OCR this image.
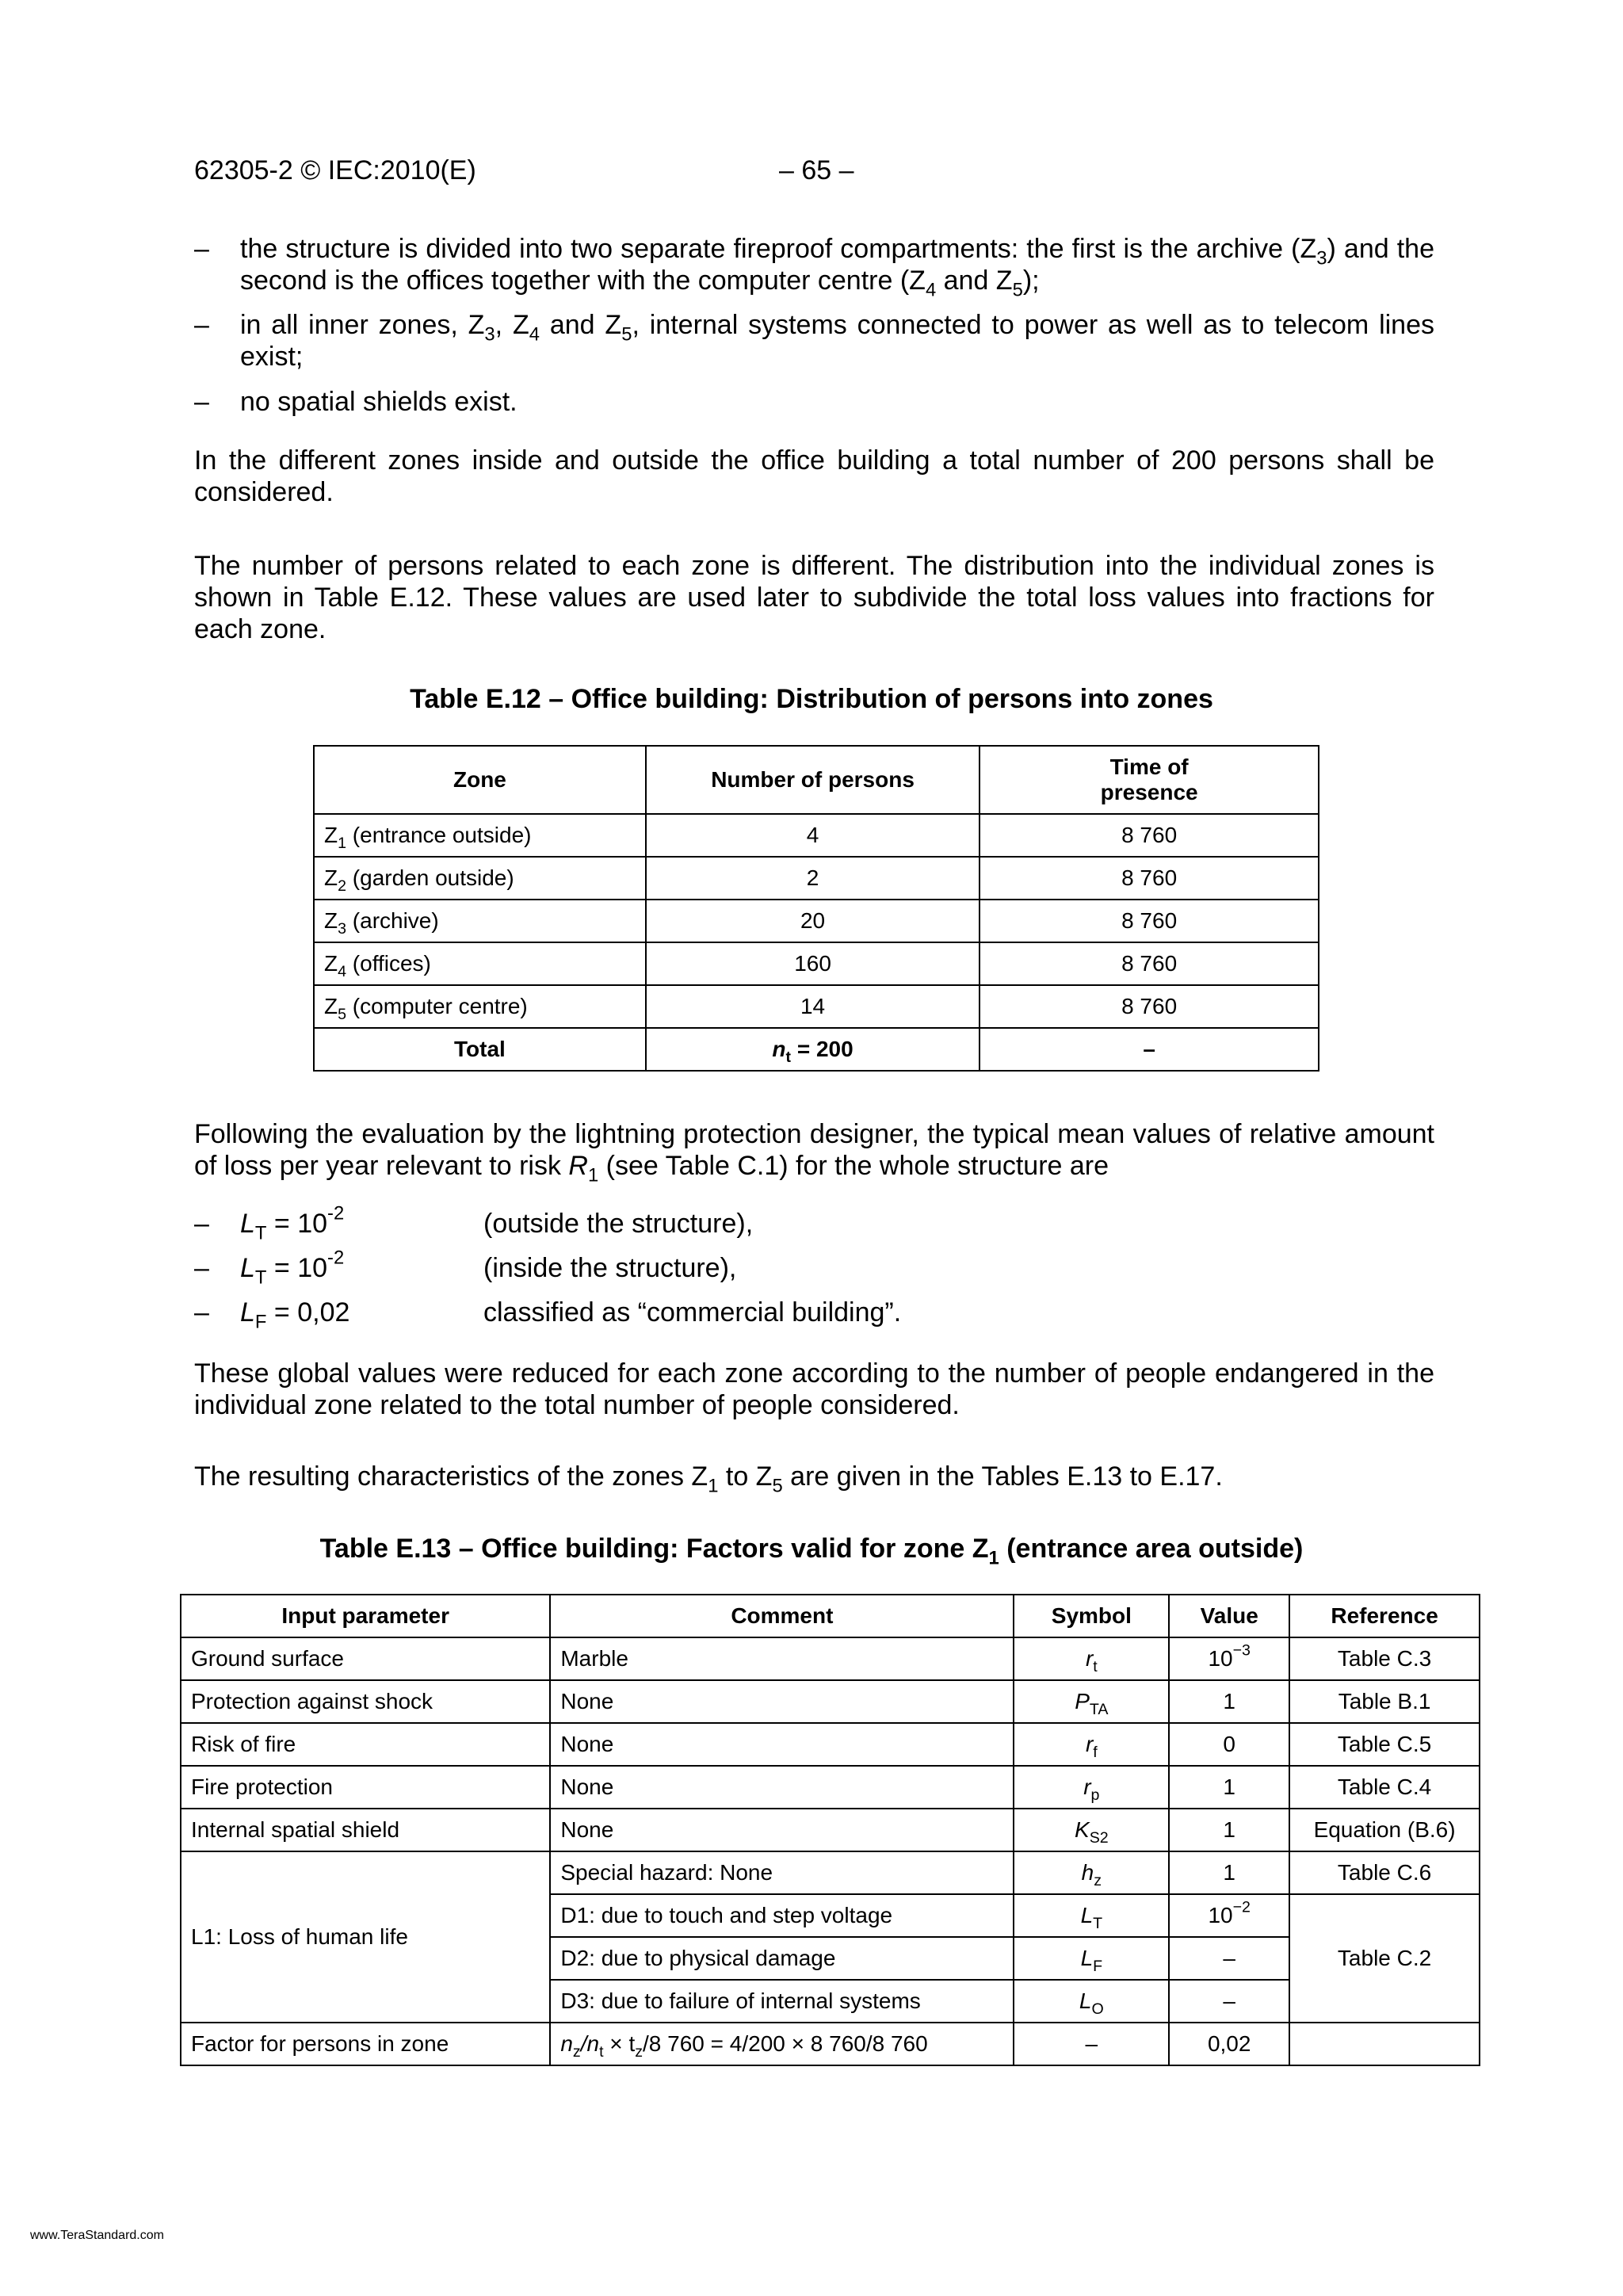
62305-2 © IEC:2010(E)	– 65 –
– the structure is divided into two separate fireproof compartments: the first is the archive $(Z_3)$ and the second is the offices together with the computer centre ($Z_4$ and $Z_5$);
– in all inner zones, $Z_3$, $Z_4$ and $Z_5$, internal systems connected to power as well as to telecom lines exist;
– no spatial shields exist.
In the different zones inside and outside the office building a total number of 200 persons shall be considered.
The number of persons related to each zone is different. The distribution into the individual zones is shown in Table E.12. These values are used later to subdivide the total loss values into fractions for each zone.
Table E.12 – Office building: Distribution of persons into zones
Zone	Number of persons	Time of presence
$Z_1$ (entrance outside)	4	8 760
$Z_2$ (garden outside)	2	8 760
$Z_3$ (archive)	20	8 760
$Z_4$ (offices)	160	8 760
$Z_5$ (computer centre)	14	8 760
Total	$n_t = 200$	–
Following the evaluation by the lightning protection designer, the typical mean values of relative amount of loss per year relevant to risk $R_1$ (see Table C.1) for the whole structure are
– $L_T = 10^{-2}$	(outside the structure),
– $L_T = 10^{-2}$	(inside the structure),
– $L_F = 0,02$	classified as “commercial building”.
These global values were reduced for each zone according to the number of people endangered in the individual zone related to the total number of people considered.
The resulting characteristics of the zones $Z_1$ to $Z_5$ are given in the Tables E.13 to E.17.
Table E.13 – Office building: Factors valid for zone $Z_1$ (entrance area outside)
Input parameter	Comment	Symbol	Value	Reference
Ground surface	Marble	$r_t$	$10^{-3}$	Table C.3
Protection against shock	None	$P_{TA}$	1	Table B.1
Risk of fire	None	$r_f$	0	Table C.5
Fire protection	None	$r_p$	1	Table C.4
Internal spatial shield	None	$K_{S2}$	1	Equation (B.6)
L1: Loss of human life	Special hazard: None	$h_z$	1	Table C.6
	D1: due to touch and step voltage	$L_T$	$10^{-2}$	Table C.2
	D2: due to physical damage	$L_F$	–	
	D3: due to failure of internal systems	$L_O$	–	
Factor for persons in zone	$n_z/n_t \times t_z/8$ 760 = 4/200 × 8 760/8 760	–	0,02	
www.TeraStandard.com
